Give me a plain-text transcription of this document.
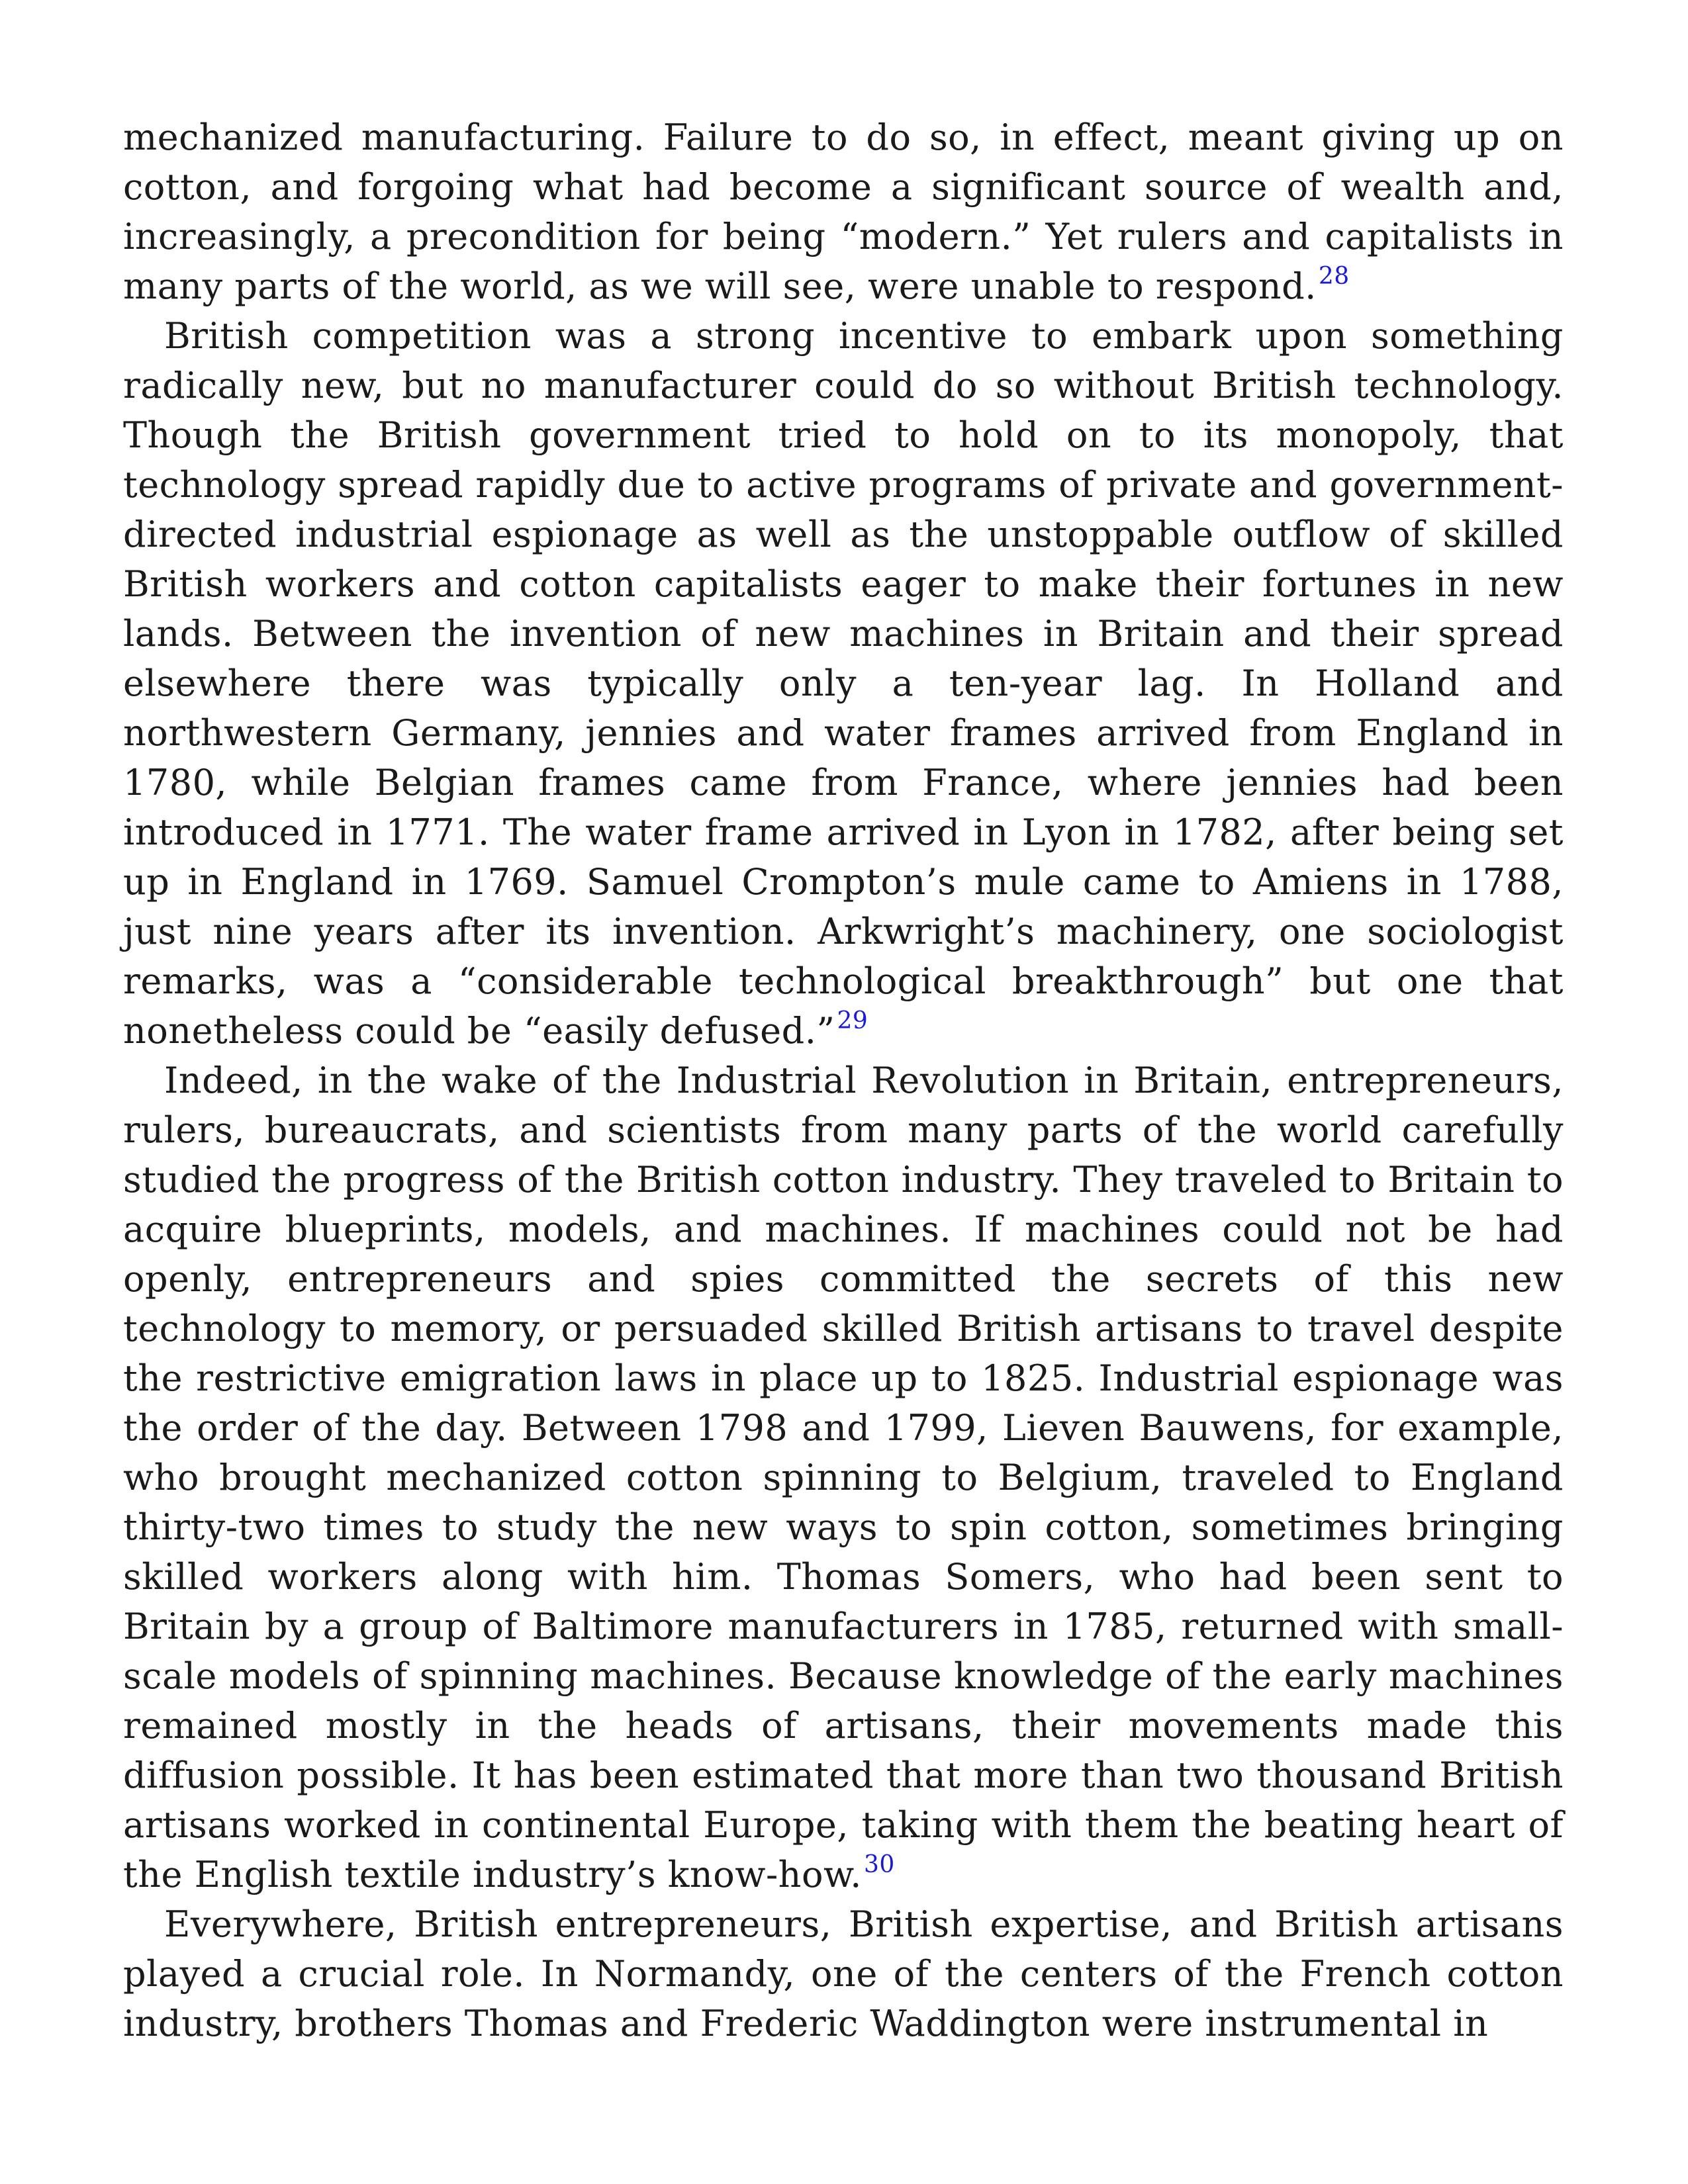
mechanized manufacturing. Failure to do so, in effect, meant giving up on cotton, and forgoing what had become a significant source of wealth and, increasingly, a precondition for being “modern.” Yet rulers and capitalists in many parts of the world, as we will see, were unable to respond.$^{28}$

British competition was a strong incentive to embark upon something radically new, but no manufacturer could do so without British technology. Though the British government tried to hold on to its monopoly, that technology spread rapidly due to active programs of private and government-directed industrial espionage as well as the unstoppable outflow of skilled British workers and cotton capitalists eager to make their fortunes in new lands. Between the invention of new machines in Britain and their spread elsewhere there was typically only a ten-year lag. In Holland and northwestern Germany, jennies and water frames arrived from England in 1780, while Belgian frames came from France, where jennies had been introduced in 1771. The water frame arrived in Lyon in 1782, after being set up in England in 1769. Samuel Crompton’s mule came to Amiens in 1788, just nine years after its invention. Arkwright’s machinery, one sociologist remarks, was a “considerable technological breakthrough” but one that nonetheless could be “easily defused.”$^{29}$

Indeed, in the wake of the Industrial Revolution in Britain, entrepreneurs, rulers, bureaucrats, and scientists from many parts of the world carefully studied the progress of the British cotton industry. They traveled to Britain to acquire blueprints, models, and machines. If machines could not be had openly, entrepreneurs and spies committed the secrets of this new technology to memory, or persuaded skilled British artisans to travel despite the restrictive emigration laws in place up to 1825. Industrial espionage was the order of the day. Between 1798 and 1799, Lieven Bauwens, for example, who brought mechanized cotton spinning to Belgium, traveled to England thirty-two times to study the new ways to spin cotton, sometimes bringing skilled workers along with him. Thomas Somers, who had been sent to Britain by a group of Baltimore manufacturers in 1785, returned with small-scale models of spinning machines. Because knowledge of the early machines remained mostly in the heads of artisans, their movements made this diffusion possible. It has been estimated that more than two thousand British artisans worked in continental Europe, taking with them the beating heart of the English textile industry’s know-how.$^{30}$

Everywhere, British entrepreneurs, British expertise, and British artisans played a crucial role. In Normandy, one of the centers of the French cotton industry, brothers Thomas and Frederic Waddington were instrumental in
